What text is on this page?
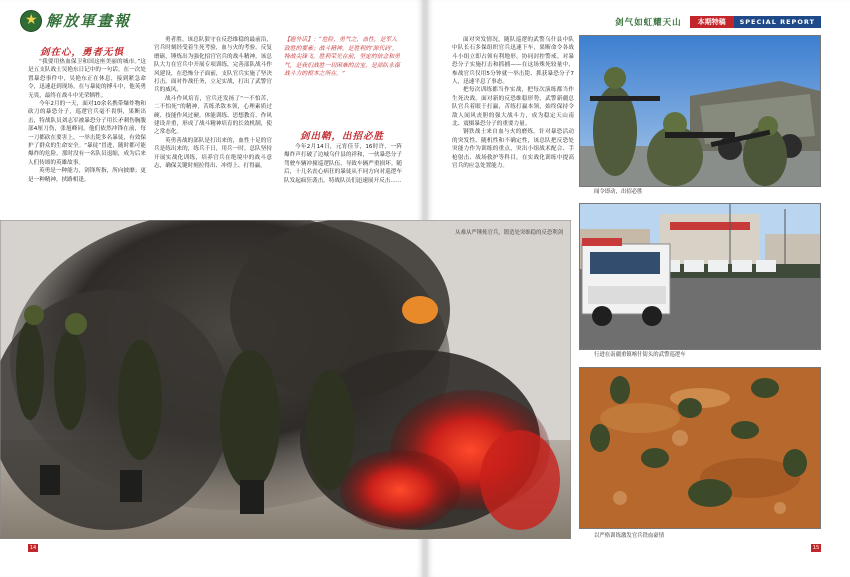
★
解放軍畫報
剑在心，勇者无惧

“我要用热血保卫和国这座美丽的城市。”这是五支队战士吴艳东日记中的一句话。在一次处置暴恐事件中，吴艳东正在休息，接到紧急命令，迅速赶到现场。在与暴徒的搏斗中，他英勇无畏，最终在战斗中光荣牺牲。

今年2月的一天，面对10余名携带爆炸物和砍刀的暴恐分子，巡逻官兵毫不畏惧，果断出击，特战队员刘志军被暴恐分子用长矛刺伤胸腹部4厘刀伤，张旭峰同，他们依然冲锋在前，每一刀都砍在要害上，一举击毙多名暴徒，有效保护了群众的生命安全。“暴徒”冒进，随时都可能爆炸的危险，那时没有一名队员退缩，成为后来人们传颂的英雄故事。

英勇是一种能力，剑锋所指，所向披靡；更是一种精神，挟路相逢，

勇者胜。该总队狠守在反恐维稳的最前沿，官兵时刻经受着生死考验，血与火的考验，反复磨砺，锤炼出为强化招官官兵的战斗精神，该总队大力在官兵中开展专项训练，完善部队战斗作风建设，在恐怖分子面前，支队官兵实施了坚决打击。面对作战任务，立足实战，打出了武警官兵的威风。

战斗作风培育，官兵还发扬了“一不怕苦，二不怕死”的精神，苦练杀敌本领，心理素质过硬、技能作风过硬。体能训练、思想教育、作风建设并重，形成了战斗精神培育的长效机制，使之常态化。

英勇善战的部队是打出来的，血性十足的官兵是练出来的，练兵千日，用兵一时。总队坚持开展实战化训练，培养官兵在绝境中的战斗意志，确保关键时刻拉得出、冲得上、打得赢。

【题外话】：“危险，勇气之，血性，是军人致胜的要素；战斗精神，是胜利的‘源代码’。特战尖锋飞，胜利荣光在前，坚定的信念和勇气，是我们战胜一切困难的法宝，是部队永葆战斗力的根本之所在。”
剑出鞘，出招必胜

今年2月14日，元宵佳节，16时许，一阵爆炸声打破了边城乌什县的祥和，一伙暴恐分子驾驶车辆冲撞巡逻队伍，导致车辆严重损坏。随后，十几名丧心病狂的暴徒从不同方向对巡逻车队发起疯狂袭击，特战队员们迅速展开反击……

14
剑气如虹耀天山	本期特稿	SPECIAL REPORT

面对突发情况，随队巡逻的武警乌什县中队中队长石多保组织官兵迅速下车，果断命令各战斗小组立即占领有利地形，协同封控警戒。对暴恐分子实施打击和抓捕——在这场殊死较量中，参战官兵仅用5分钟就一举击毙、抓获暴恐分子7人，迅速平息了事态。

把每次训练都当作实战，把每次演练都当作生死决战。面对新的反恐维稳形势，武警新疆总队官兵着眼于打赢，苦练打赢本领，始终保持令敌人闻风丧胆的强大战斗力，成为稳定天山南北、震慑暴恐分子的重要力量。

钢铁战士来自血与火的磨炼。针对暴恐活动的突发性、随机性和不确定性，该总队把反恐处突能力作为训练的重点，突出小组战术配合、手枪射击、战场救护等科目，在实战化训练中提高官兵的应急处置能力。

闻令即动，出招必胜
行进在南疆重镇喀什街头的武警巡逻车
以严格训练激发官兵铁血豪情
15
从难从严锤炼官兵，锻造处突维稳的反恐利剑
